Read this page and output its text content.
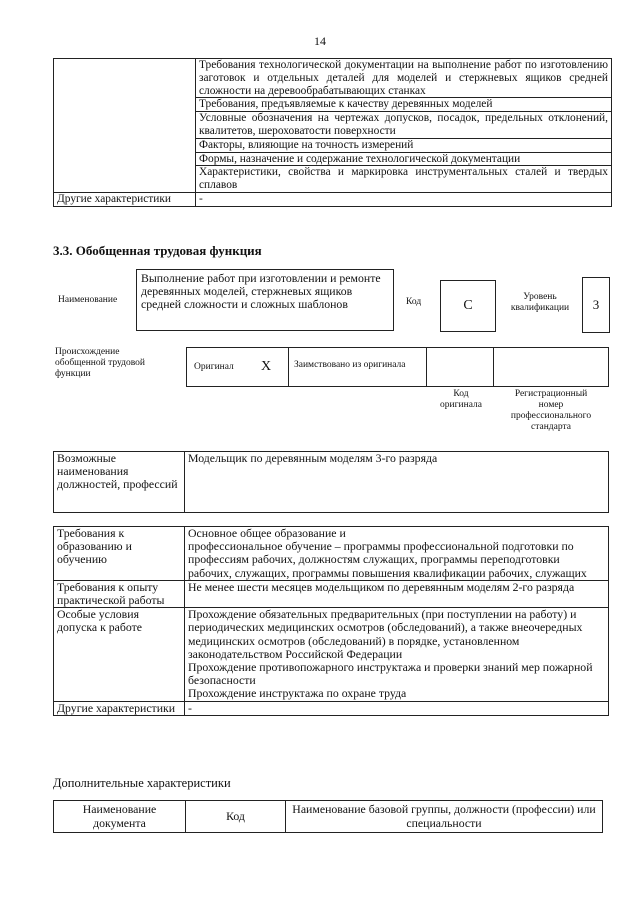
14
	Требования технологической документации на выполнение работ по изготовлению заготовок и отдельных деталей для моделей и стержневых ящиков средней сложности на деревообрабатывающих станках
	Требования, предъявляемые к качеству деревянных моделей
	Условные обозначения на чертежах допусков, посадок, предельных отклонений, квалитетов, шероховатости поверхности
	Факторы, влияющие на точность измерений
	Формы, назначение и содержание технологической документации
	Характеристики, свойства и маркировка инструментальных сталей и твердых сплавов
Другие характеристики	-
3.3. Обобщенная трудовая функция
Наименование
Выполнение работ при изготовлении и ремонте деревянных моделей, стержневых ящиков средней сложности и сложных шаблонов	Код	C
Уровень квалификации	3
Происхождение обобщенной трудовой функции
Оригинал X	Заимствовано из оригинала
Код оригинала
Регистрационный номер профессионального стандарта
Возможные наименования должностей, профессий	Модельщик по деревянным моделям 3-го разряда
Требования к образованию и обучению	Основное общее образование и
профессиональное обучение – программы профессиональной подготовки по профессиям рабочих, должностям служащих, программы переподготовки рабочих, служащих, программы повышения квалификации рабочих, служащих

Требования к опыту практической работы	Не менее шести месяцев модельщиком по деревянным моделям 2-го разряда
Особые условия допуска к работе	Прохождение обязательных предварительных (при поступлении на работу) и периодических медицинских осмотров (обследований), а также внеочередных медицинских осмотров (обследований) в порядке, установленном законодательством Российской Федерации
Прохождение противопожарного инструктажа и проверки знаний мер пожарной безопасности
Прохождение инструктажа по охране труда

Другие характеристики	-
Дополнительные характеристики
Наименование документа	Код	Наименование базовой группы, должности (профессии) или специальности
